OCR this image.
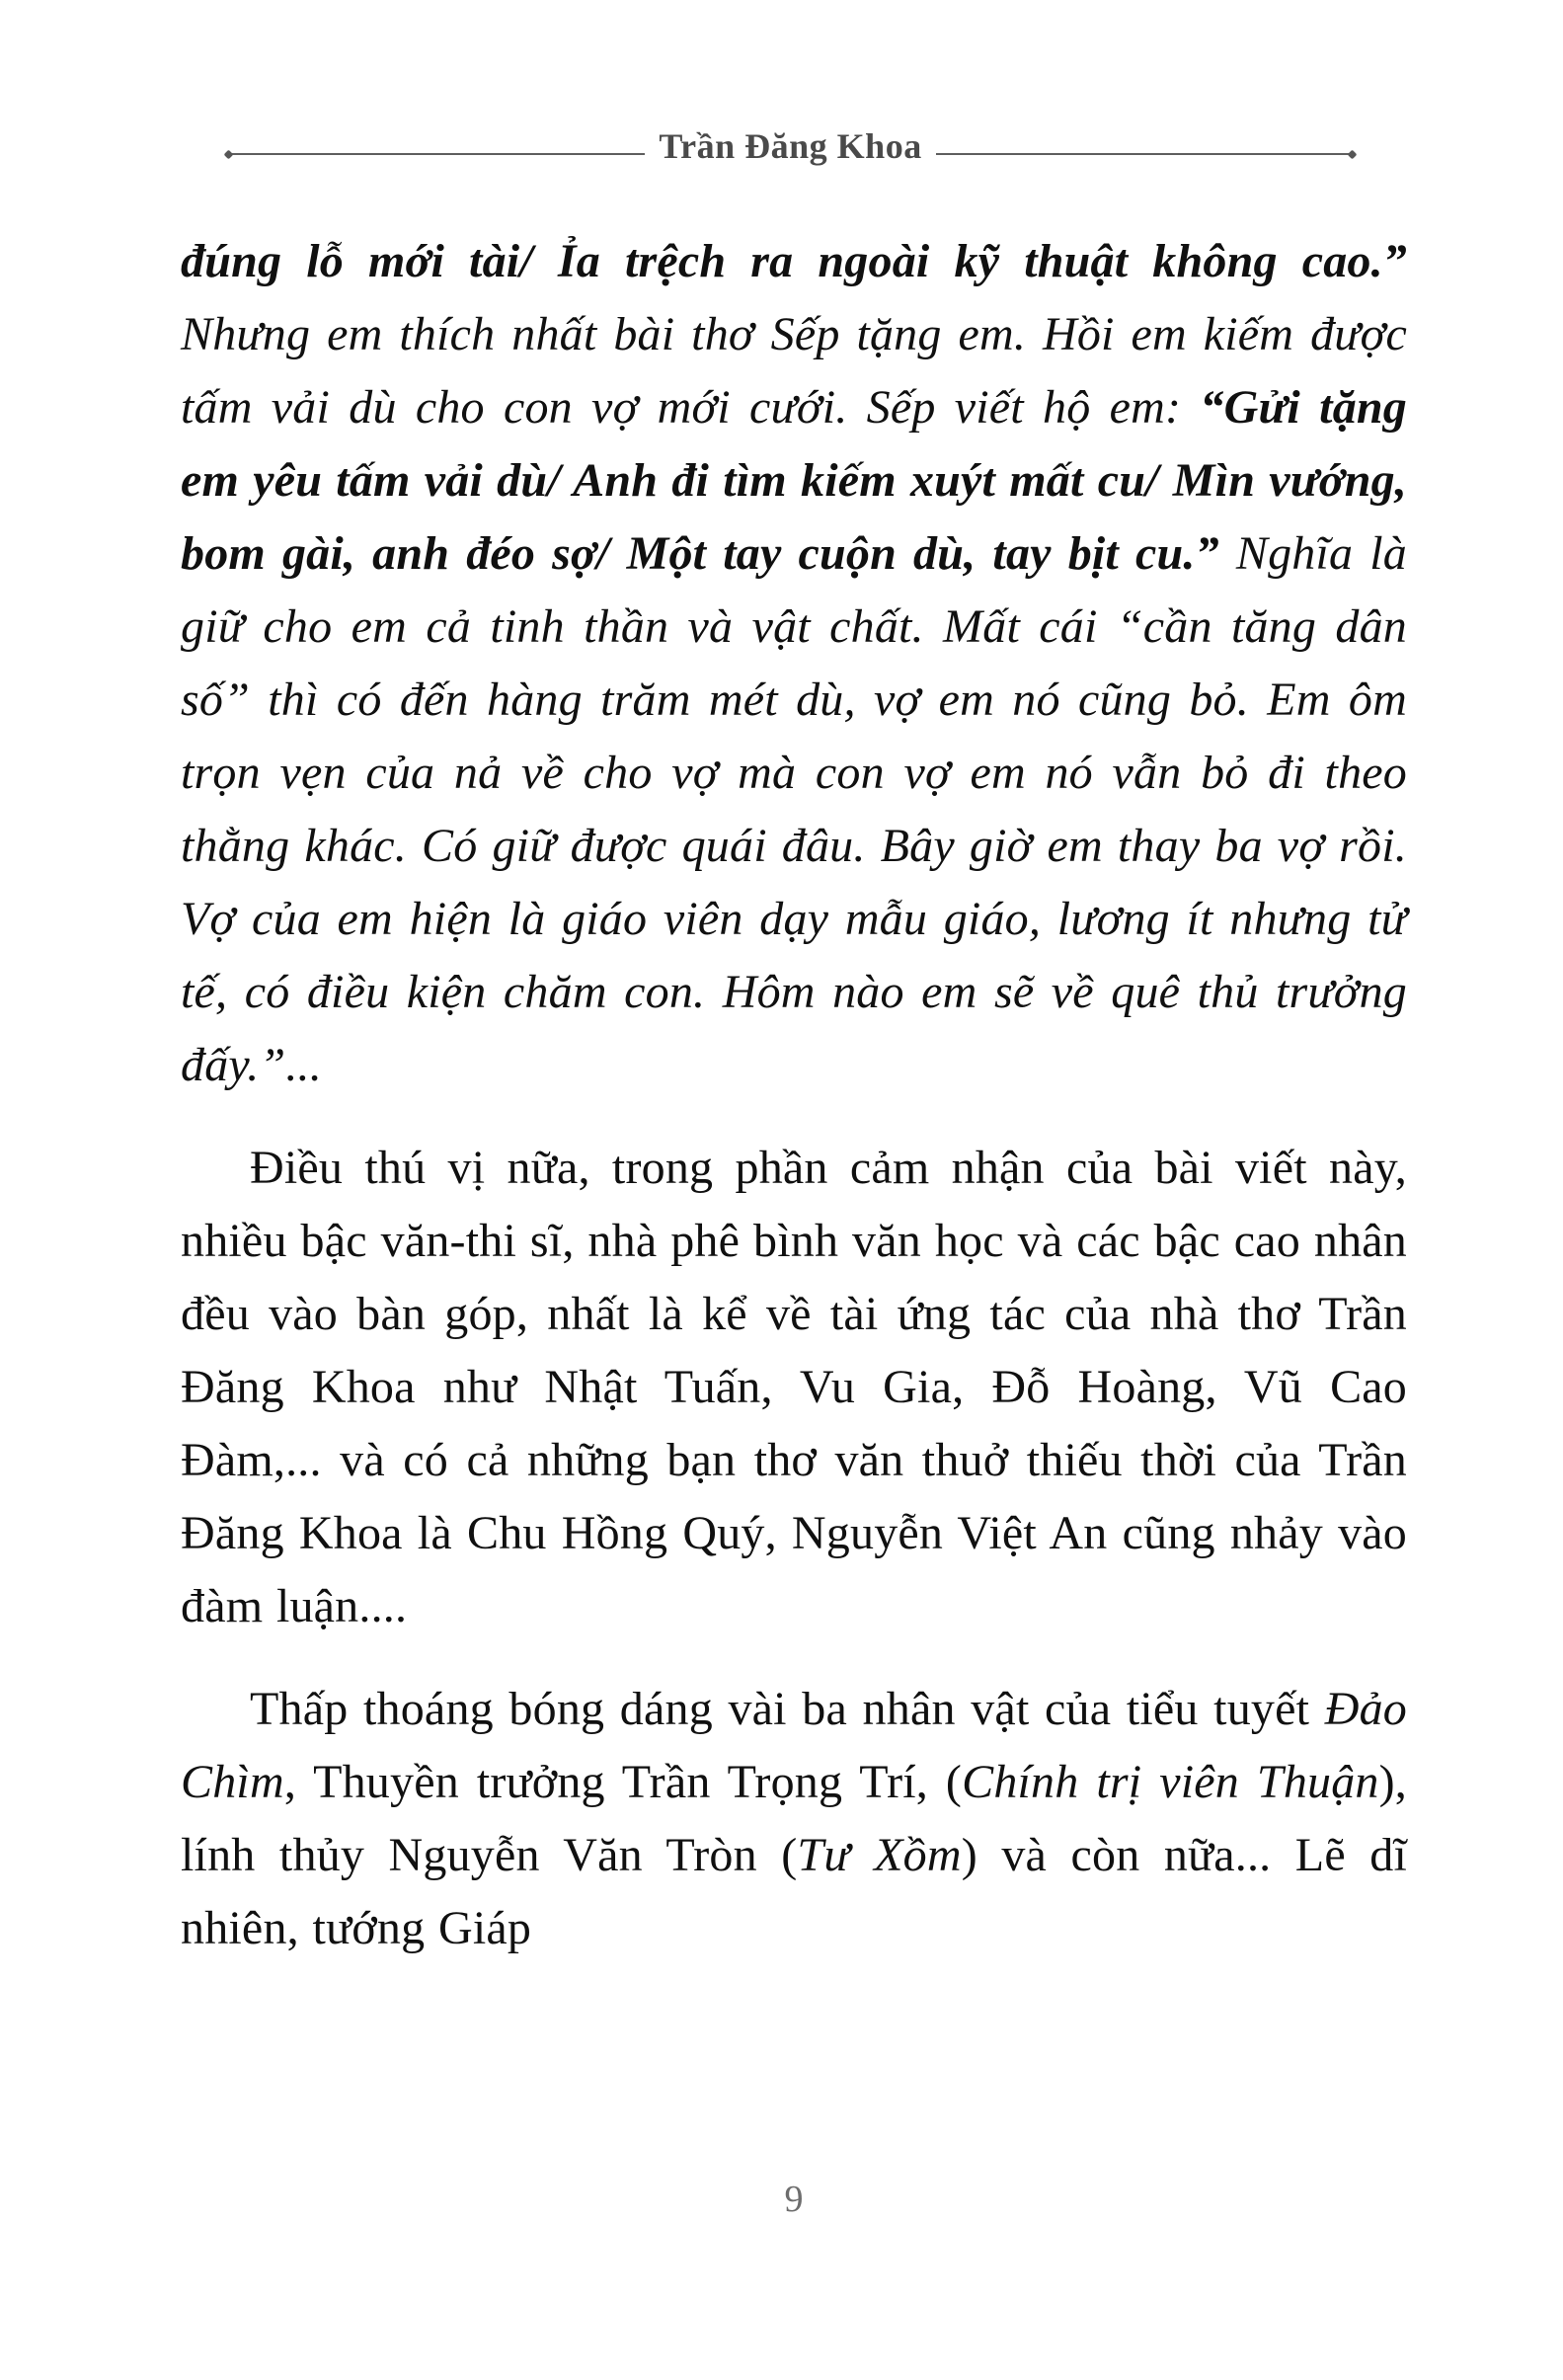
Trần Đăng Khoa

đúng lỗ mới tài/ Ỉa trệch ra ngoài kỹ thuật không cao.” Nhưng em thích nhất bài thơ Sếp tặng em. Hồi em kiếm được tấm vải dù cho con vợ mới cưới. Sếp viết hộ em: “Gửi tặng em yêu tấm vải dù/ Anh đi tìm kiếm xuýt mất cu/ Mìn vướng, bom gài, anh đéo sợ/ Một tay cuộn dù, tay bịt cu.” Nghĩa là giữ cho em cả tinh thần và vật chất. Mất cái “cần tăng dân số” thì có đến hàng trăm mét dù, vợ em nó cũng bỏ. Em ôm trọn vẹn của nả về cho vợ mà con vợ em nó vẫn bỏ đi theo thằng khác. Có giữ được quái đâu. Bây giờ em thay ba vợ rồi. Vợ của em hiện là giáo viên dạy mẫu giáo, lương ít nhưng tử tế, có điều kiện chăm con. Hôm nào em sẽ về quê thủ trưởng đấy.”...

Điều thú vị nữa, trong phần cảm nhận của bài viết này, nhiều bậc văn-thi sĩ, nhà phê bình văn học và các bậc cao nhân đều vào bàn góp, nhất là kể về tài ứng tác của nhà thơ Trần Đăng Khoa như Nhật Tuấn, Vu Gia, Đỗ Hoàng, Vũ Cao Đàm,... và có cả những bạn thơ văn thuở thiếu thời của Trần Đăng Khoa là Chu Hồng Quý, Nguyễn Việt An cũng nhảy vào đàm luận....

Thấp thoáng bóng dáng vài ba nhân vật của tiểu tuyết Đảo Chìm, Thuyền trưởng Trần Trọng Trí, (Chính trị viên Thuận), lính thủy Nguyễn Văn Tròn (Tư Xồm) và còn nữa... Lẽ dĩ nhiên, tướng Giáp

9
